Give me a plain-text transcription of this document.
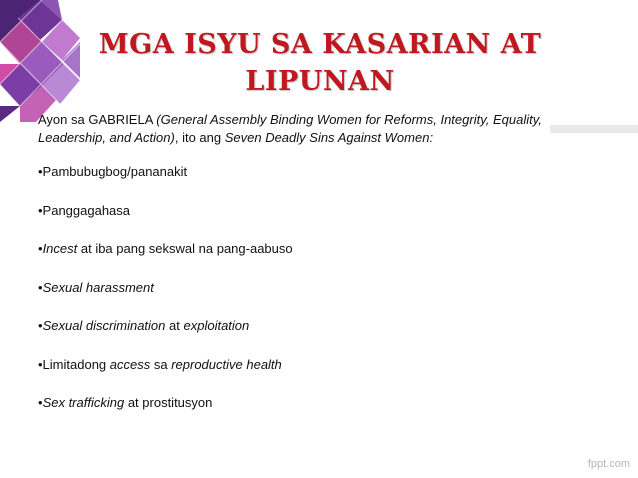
MGA ISYU SA KASARIAN AT
LIPUNAN

Ayon sa GABRIELA (General Assembly Binding Women for Reforms, Integrity, Equality, Leadership, and Action), ito ang Seven Deadly Sins Against Women:

•Pambubugbog/pananakit
•Panggagahasa
•Incest at iba pang sekswal na pang-aabuso
•Sexual harassment
•Sexual discrimination at exploitation
•Limitadong access sa reproductive health
•Sex trafficking at prostitusyon
fppt.com
